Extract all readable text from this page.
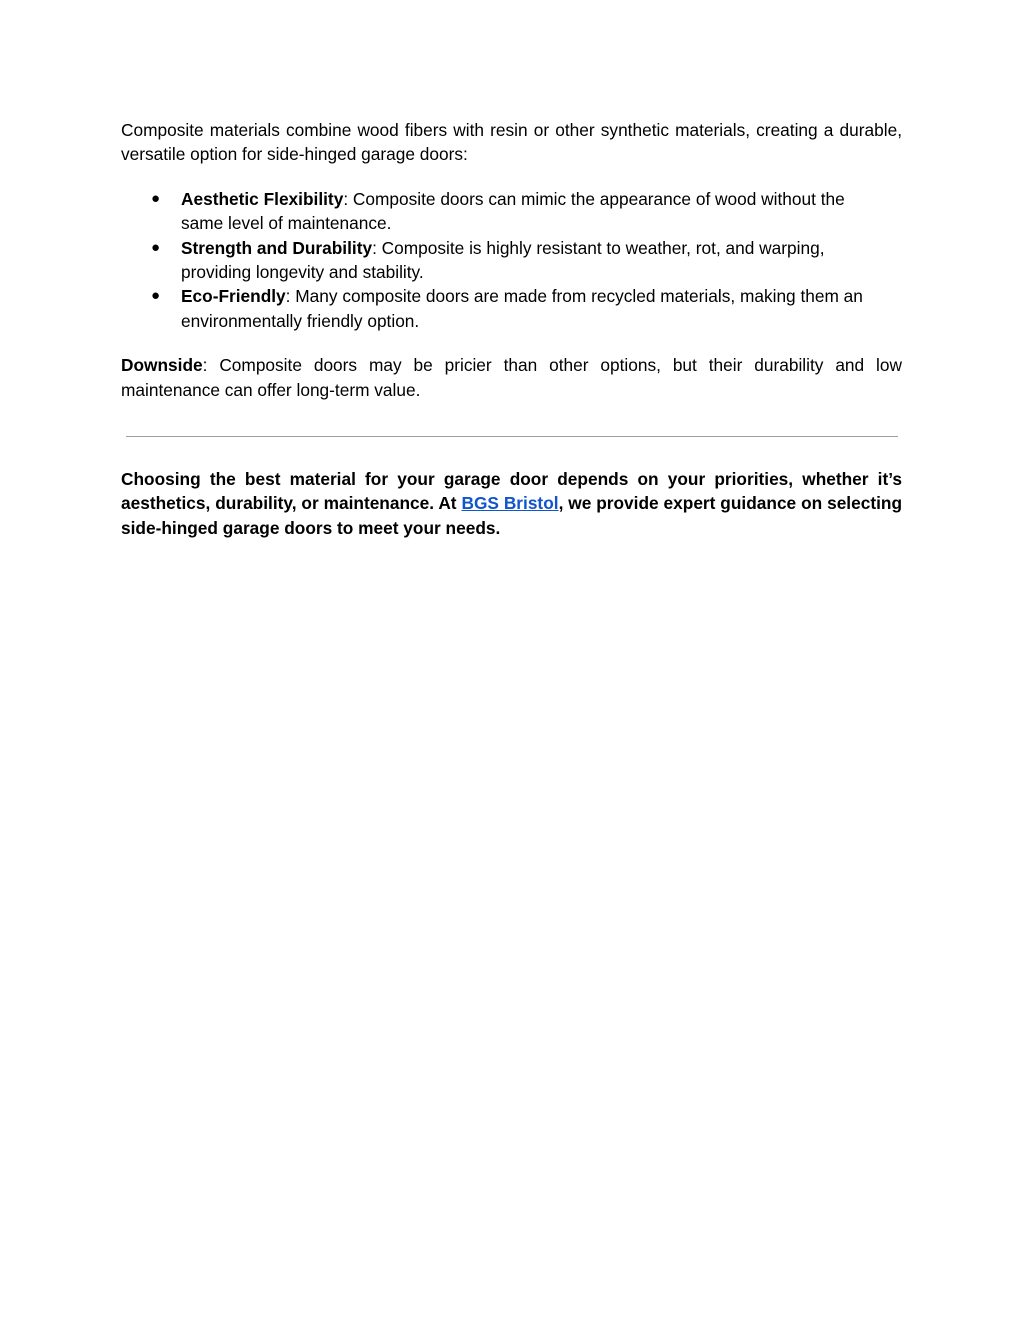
Composite materials combine wood fibers with resin or other synthetic materials, creating a durable, versatile option for side-hinged garage doors:

● Aesthetic Flexibility: Composite doors can mimic the appearance of wood without the same level of maintenance.
● Strength and Durability: Composite is highly resistant to weather, rot, and warping, providing longevity and stability.
● Eco-Friendly: Many composite doors are made from recycled materials, making them an environmentally friendly option.

Downside: Composite doors may be pricier than other options, but their durability and low maintenance can offer long-term value.

Choosing the best material for your garage door depends on your priorities, whether it’s aesthetics, durability, or maintenance. At BGS Bristol, we provide expert guidance on selecting side-hinged garage doors to meet your needs.
